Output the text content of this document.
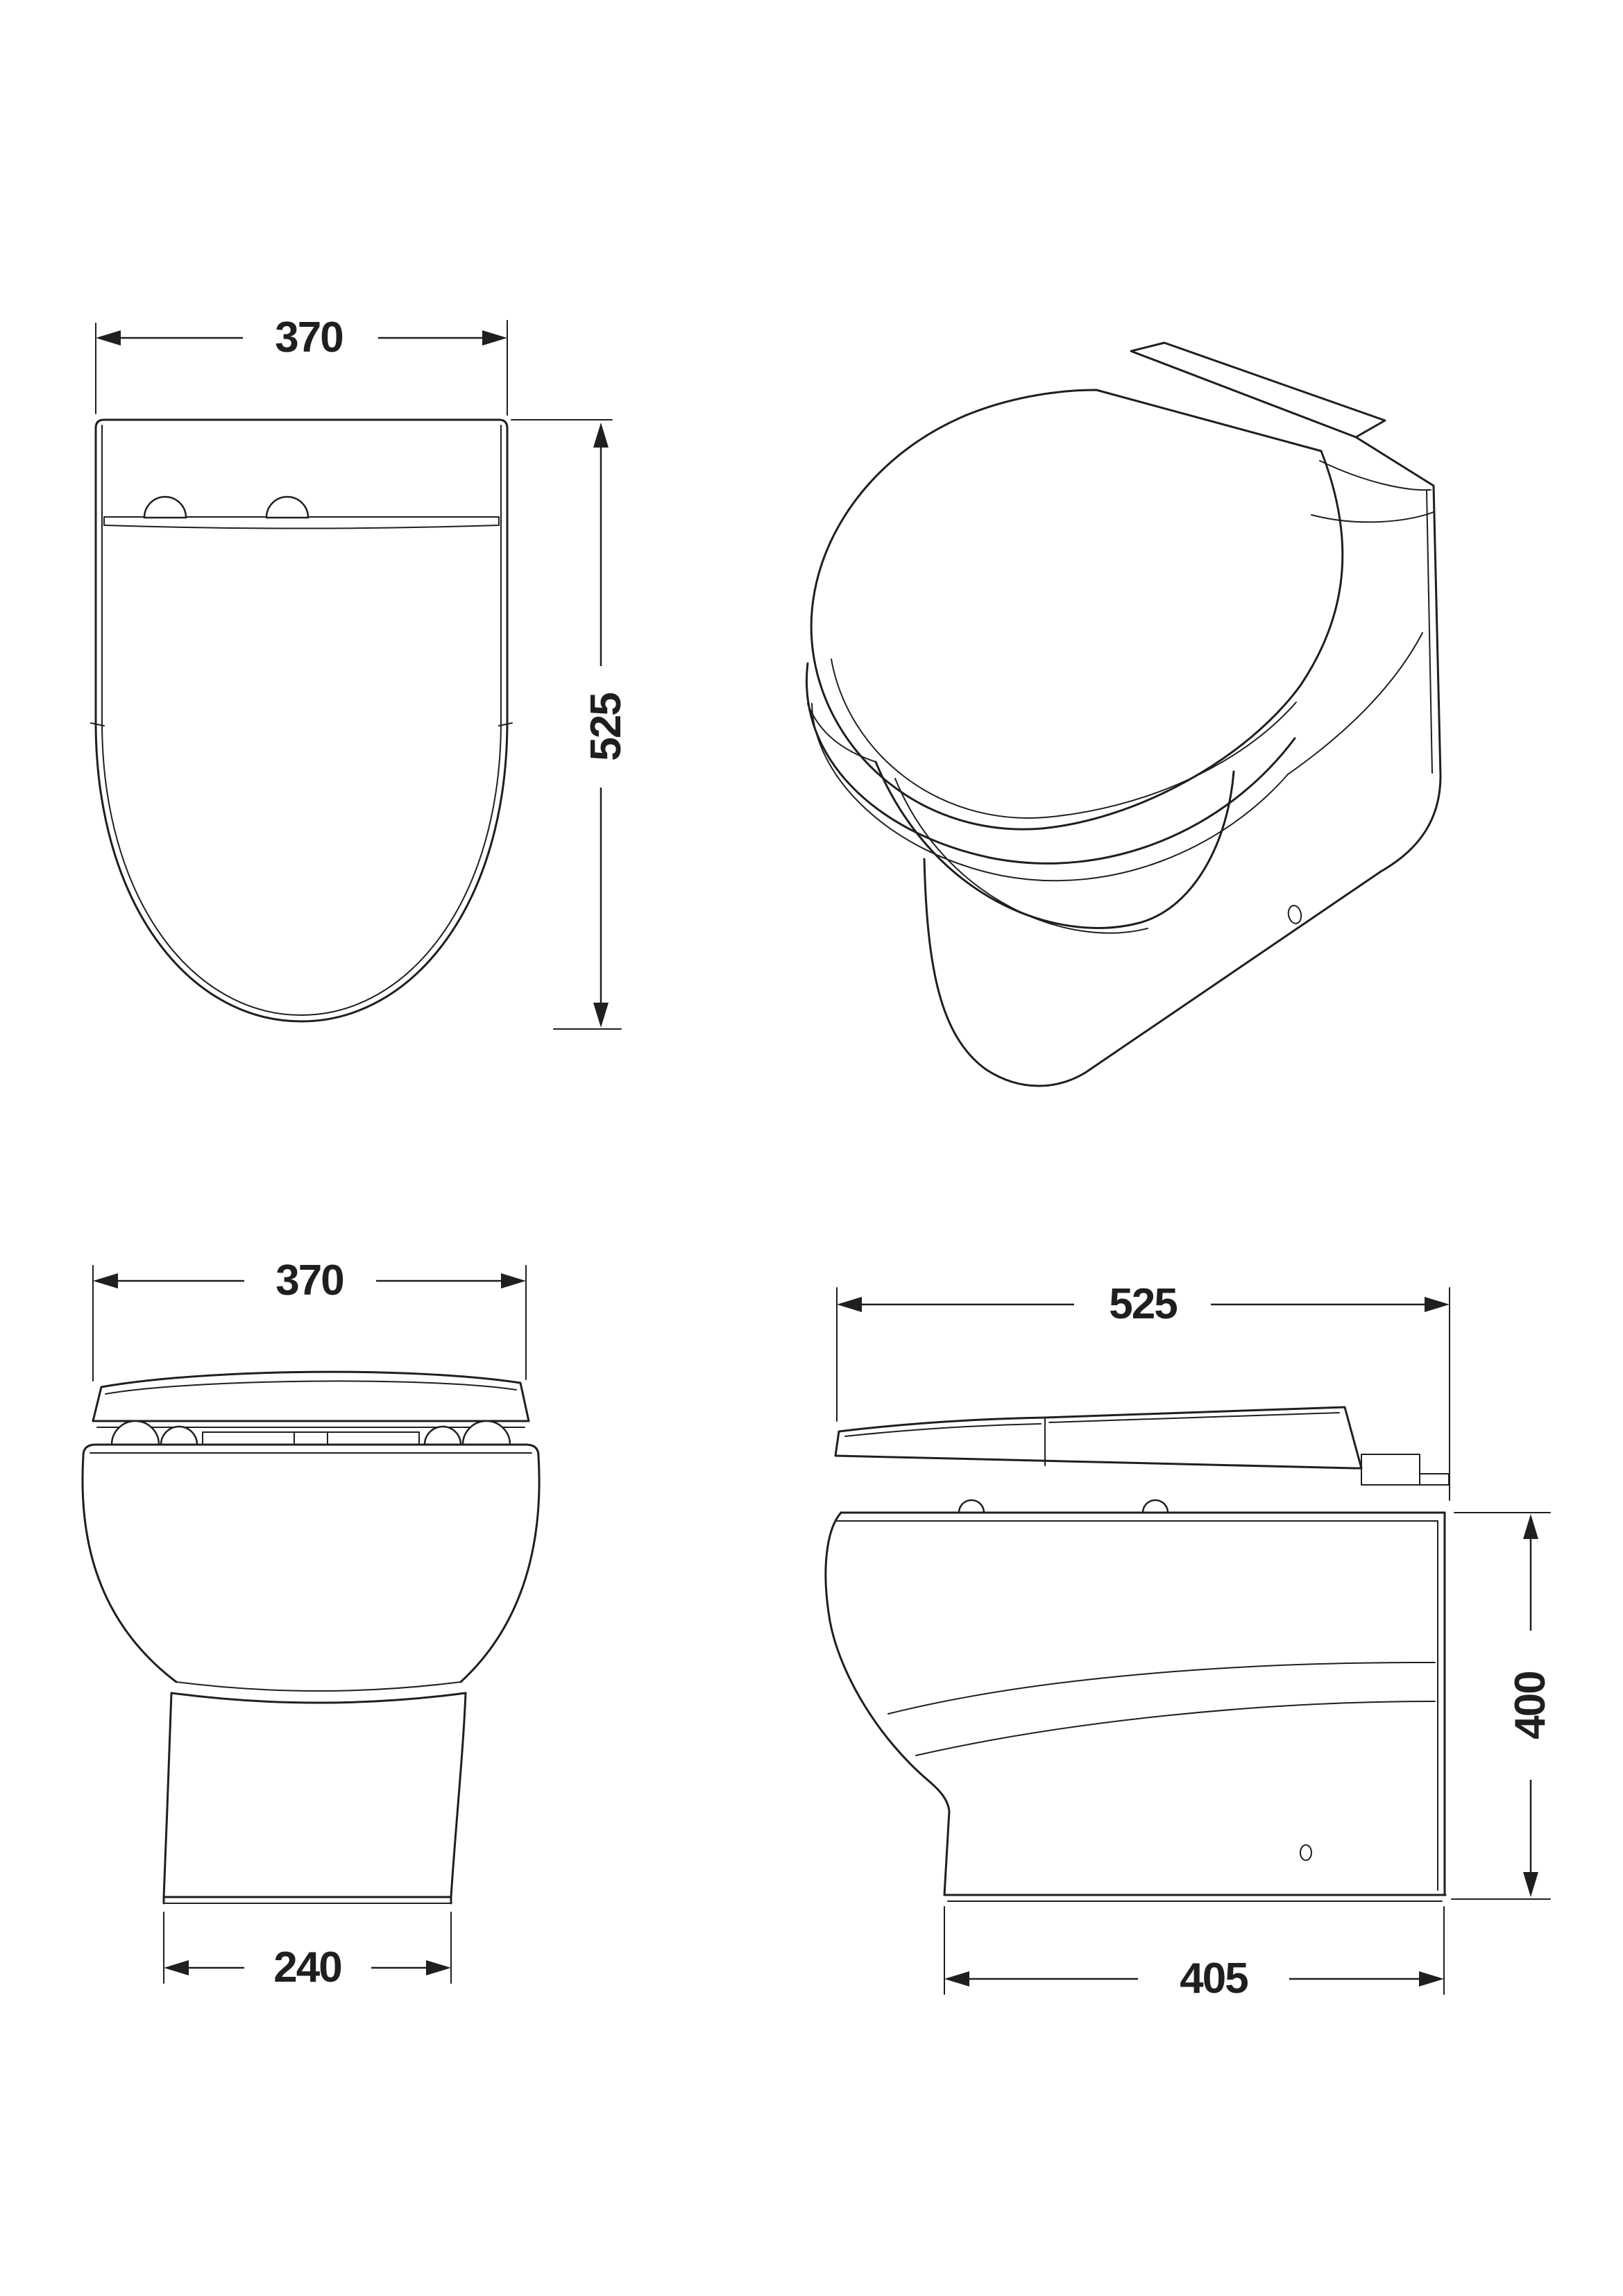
370
525
370
240
525
400
405
